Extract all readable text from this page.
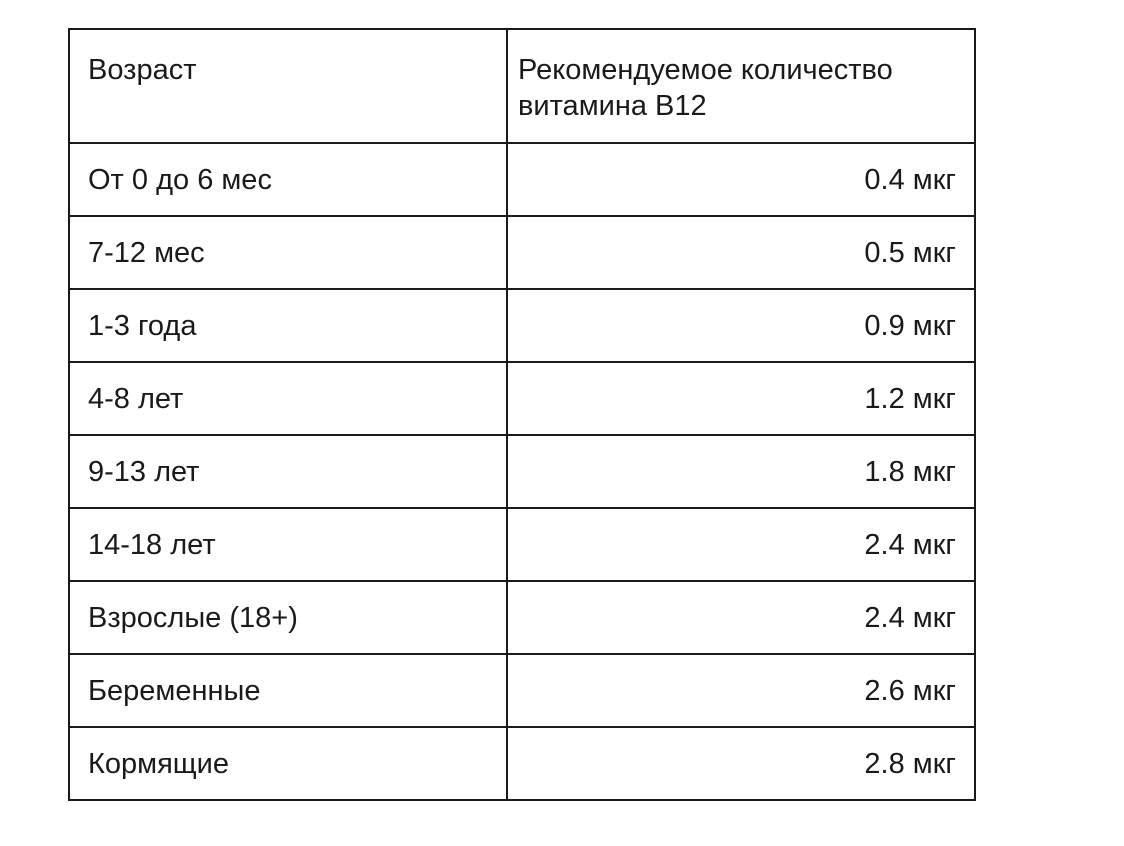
Возраст	Рекомендуемое количество витамина B12
От 0 до 6 мес	0.4 мкг
7-12 мес	0.5 мкг
1-3 года	0.9 мкг
4-8 лет	1.2 мкг
9-13 лет	1.8 мкг
14-18 лет	2.4 мкг
Взрослые (18+)	2.4 мкг
Беременные	2.6 мкг
Кормящие	2.8 мкг
